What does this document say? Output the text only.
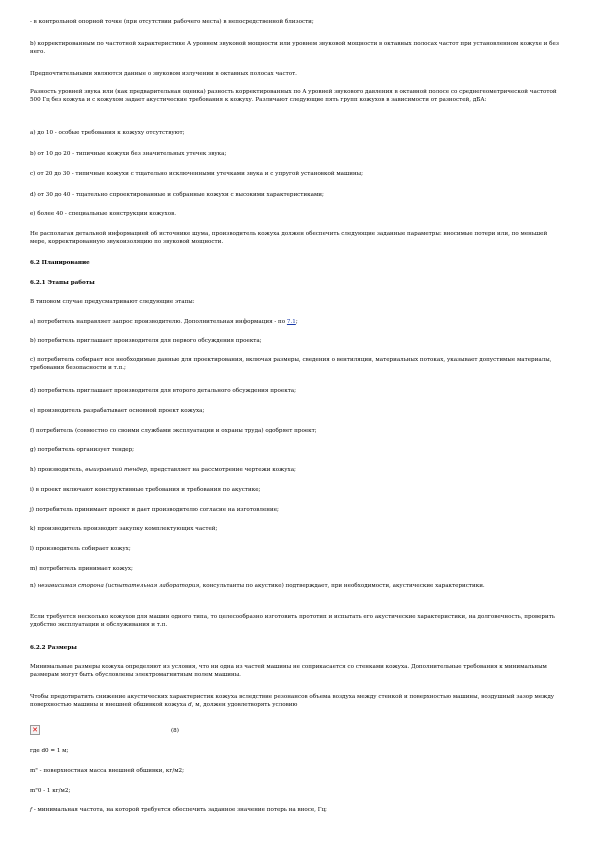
- в контрольной опорной точке (при отсутствии рабочего места) в непосредственной близости;

b) корректированным по частотной характеристике A уровнем звуковой мощности или уровнем звуковой мощности в октавных полосах частот при установленном кожухе и без него.

Предпочтительными являются данные о звуковом излучении в октавных полосах частот.

Разность уровней звука или (как предварительная оценка) разность корректированных по A уровней звукового давления в октавной полосе со среднегеометрической частотой 500 Гц без кожуха и с кожухом задает акустические требования к кожуху. Различают следующие пять групп кожухов в зависимости от разностей, дБА:

a) до 10 - особые требования к кожуху отсутствуют;

b) от 10 до 20 - типичные кожухи без значительных утечек звука;

c) от 20 до 30 - типичные кожухи с тщательно исключенными утечками звука и с упругой установкой машины;

d) от 30 до 40 - тщательно спроектированные и собранные кожухи с высокими характеристиками;

e) более 40 - специальные конструкции кожухов.

Не располагая детальной информацией об источнике шума, производитель кожуха должен обеспечить следующие заданные параметры: вносимые потери или, по меньшей мере, корректированную звукоизоляцию по звуковой мощности.

6.2 Планирование

6.2.1 Этапы работы

В типовом случае предусматривают следующие этапы:

a) потребитель направляет запрос производителю. Дополнительная информация - по 7.1;

b) потребитель приглашает производителя для первого обсуждения проекта;

c) потребитель собирает все необходимые данные для проектирования, включая размеры, сведения о вентиляции, материальных потоках, указывает допустимые материалы, требования безопасности и т.п.;

d) потребитель приглашает производителя для второго детального обсуждения проекта;

e) производитель разрабатывает основной проект кожуха;

f) потребитель (совместно со своими службами эксплуатации и охраны труда) одобряет проект;

g) потребитель организует тендер;

h) производитель, выигравший тендер, представляет на рассмотрение чертежи кожуха;

i) в проект включают конструктивные требования и требования по акустике;

j) потребитель принимает проект и дает производителю согласие на изготовление;

k) производитель производит закупку комплектующих частей;

l) производитель собирает кожух;

m) потребитель принимает кожух;

n) независимая сторона (испытательная лаборатория, консультанты по акустике) подтверждает, при необходимости, акустические характеристики.

Если требуется несколько кожухов для машин одного типа, то целесообразно изготовить прототип и испытать его акустические характеристики, на долговечность, проверить удобство эксплуатации и обслуживания и т.п.

6.2.2 Размеры

Минимальные размеры кожуха определяют из условия, что ни одна из частей машины не соприкасается со стенками кожуха. Дополнительные требования к минимальным размерам могут быть обусловлены электромагнитным полем машины.

Чтобы предотвратить снижение акустических характеристик кожуха вследствие резонансов объема воздуха между стенкой и поверхностью машины, воздушный зазор между поверхностью машины и внешней обшивкой кожуха d, м, должен удовлетворять условию

✕	(8)

где d0 = 1 м;

m" - поверхностная масса внешней обшивки, кг/м2;

m"0 - 1 кг/м2;

f - минимальная частота, на которой требуется обеспечить заданное значение потерь на вносе, Гц;
